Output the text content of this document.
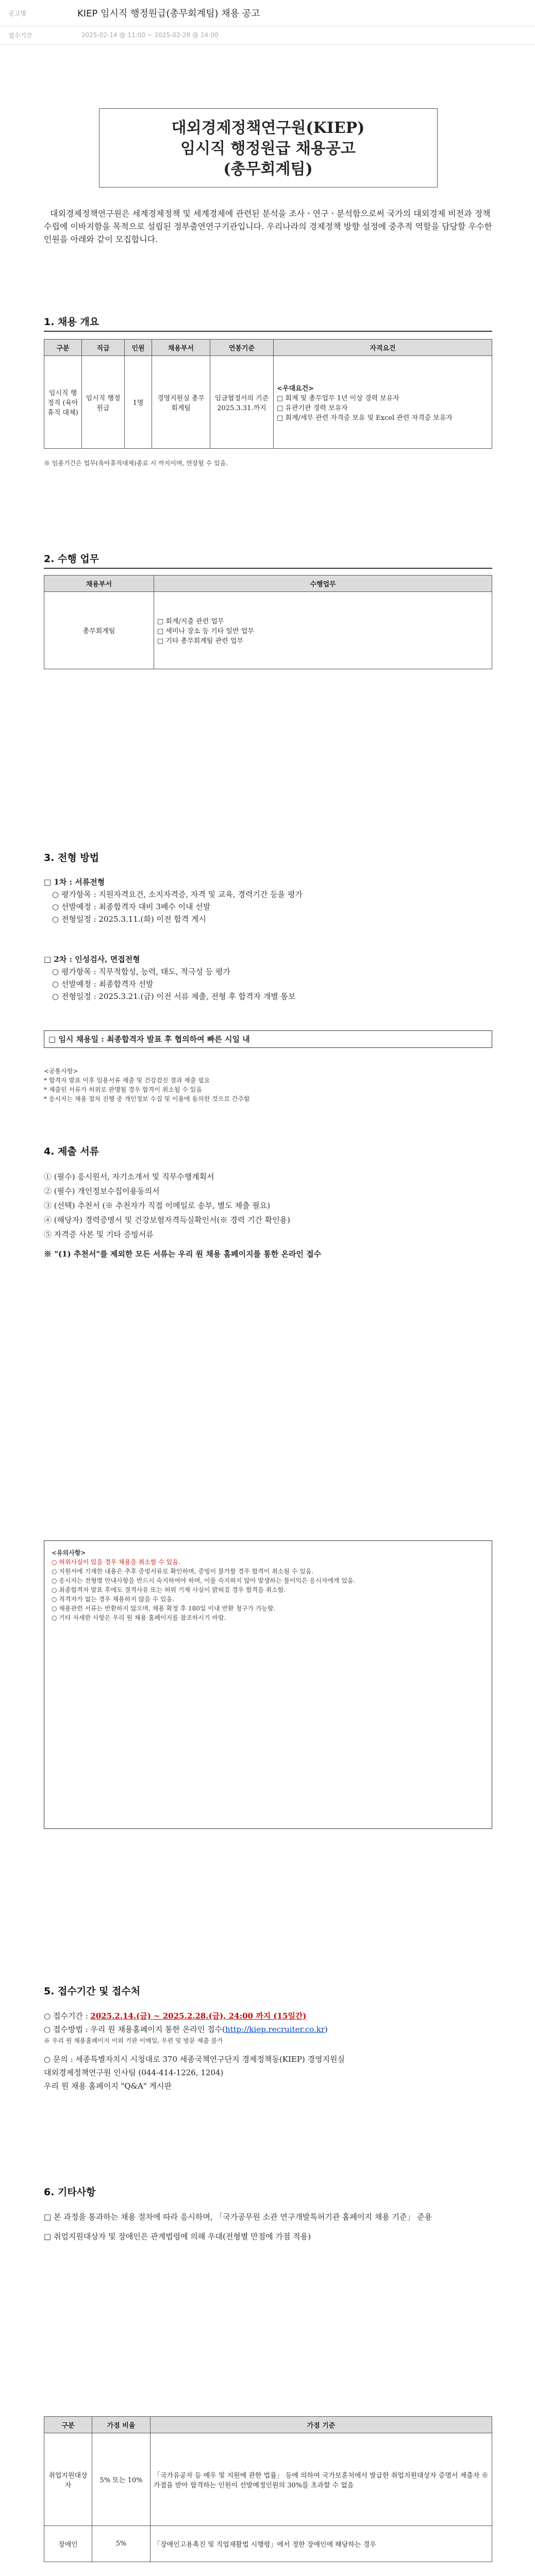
공고명	KIEP 임시직 행정원급(총무회계팀) 채용 공고
접수기간	2025-02-14 @ 11:00 ~ 2025-02-28 @ 24:00
대외경제정책연구원(KIEP)
임시직 행정원급 채용공고
(총무회계팀)
대외경제정책연구원은 세계경제정책 및 세계경제에 관련된 분석을 조사ㆍ연구ㆍ분석함으로써 국가의 대외경제 비전과 정책 수립에 이바지함을 목적으로 설립된 정부출연연구기관입니다. 우리나라의 경제정책 방향 설정에 중추적 역할을 담당할 우수한 인원을 아래와 같이 모집합니다.
1. 채용 개요
구분	직급	인원	채용부서	연봉기준	자격요건
임시직 행정직 (육아휴직 대체)	임시직 행정원급	1명	경영지원실 총무회계팀	임금협정서의 기준 2025.3.31.까지	<우대요건>
□ 회계 및 총무업무 1년 이상 경력 보유자
□ 유관기관 경력 보유자
□ 회계/세무 관련 자격증 보유 및 Excel 관련 자격증 보유자
※ 임용기간은 업무(육아휴직대체)종료 시 까지이며, 연장될 수 있음.
2. 수행 업무
채용부서	수행업무
총무회계팀	□ 회계/지출 관련 업무
□ 세미나 장소 등 기타 일반 업무
□ 기타 총무회계팀 관련 업무
3. 전형 방법
□ 1차 : 서류전형
○ 평가항목 : 지원자격요건, 소지자격증, 자격 및 교육, 경력기간 등을 평가
○ 선발예정 : 최종합격자 대비 3배수 이내 선발
○ 전형일정 : 2025.3.11.(화) 이전 합격 게시
□ 2차 : 인성검사, 면접전형
○ 평가항목 : 직무적합성, 능력, 태도, 적극성 등 평가
○ 선발예정 : 최종합격자 선발
○ 전형일정 : 2025.3.21.(금) 이전 서류 제출, 전형 후 합격자 개별 통보
□ 임시 채용일 : 최종합격자 발표 후 협의하여 빠른 시일 내
<공통사항>
* 합격자 발표 이후 임용서류 제출 및 건강검진 결과 제출 필요
* 제출된 서류가 허위로 판명될 경우 합격이 취소될 수 있음
* 응시자는 채용 절차 진행 중 개인정보 수집 및 이용에 동의한 것으로 간주함
4. 제출 서류
① (필수) 응시원서, 자기소개서 및 직무수행계획서
② (필수) 개인정보수집이용동의서
③ (선택) 추천서 (※ 추천자가 직접 이메일로 송부, 별도 제출 필요)
④ (해당자) 경력증명서 및 건강보험자격득실확인서(※ 경력 기간 확인용)
⑤ 자격증 사본 및 기타 증빙서류
※ "(1) 추천서"를 제외한 모든 서류는 우리 원 채용 홈페이지를 통한 온라인 접수
<유의사항>
○ 허위사실이 있을 경우 채용을 취소할 수 있음.
○ 지원서에 기재한 내용은 추후 증빙서류로 확인하며, 증빙이 불가할 경우 합격이 취소될 수 있음.
○ 응시자는 전형별 안내사항을 반드시 숙지하여야 하며, 이를 숙지하지 않아 발생하는 불이익은 응시자에게 있음.
○ 최종합격자 발표 후에도 결격사유 또는 허위 기재 사실이 밝혀질 경우 합격을 취소함.
○ 적격자가 없는 경우 채용하지 않을 수 있음.
○ 채용관련 서류는 반환하지 않으며, 채용 확정 후 180일 이내 반환 청구가 가능함.
○ 기타 자세한 사항은 우리 원 채용 홈페이지를 참조하시기 바람.
5. 접수기간 및 접수처
○ 접수기간 : 2025.2.14.(금) ~ 2025.2.28.(금), 24:00 까지 (15일간)
○ 접수방법 : 우리 원 채용홈페이지 통한 온라인 접수(http://kiep.recruiter.co.kr)
※ 우리 원 채용홈페이지 이외 기관 이메일, 우편 및 방문 제출 불가
○ 문의 : 세종특별자치시 시청대로 370 세종국책연구단지 경제정책동(KIEP) 경영지원실
대외경제정책연구원 인사팀 (044-414-1226, 1204)
우리 원 채용 홈페이지 "Q&A" 게시판
6. 기타사항
□ 본 과정을 통과하는 채용 절차에 따라 응시하며, 「국가공무원 소관 연구개발특허기관 홈페이지 채용 기준」 준용
□ 취업지원대상자 및 장애인은 관계법령에 의해 우대(전형별 만점에 가점 적용)
구분	가점 비율	가점 기준
취업지원대상자	5% 또는 10%	「국가유공자 등 예우 및 지원에 관한 법률」 등에 의하여 국가보훈처에서 발급한 취업지원대상자 증명서 제출자 ※ 가점을 받아 합격하는 인원이 선발예정인원의 30%를 초과할 수 없음
장애인	5%	「장애인고용촉진 및 직업재활법 시행령」에서 정한 장애인에 해당하는 경우
